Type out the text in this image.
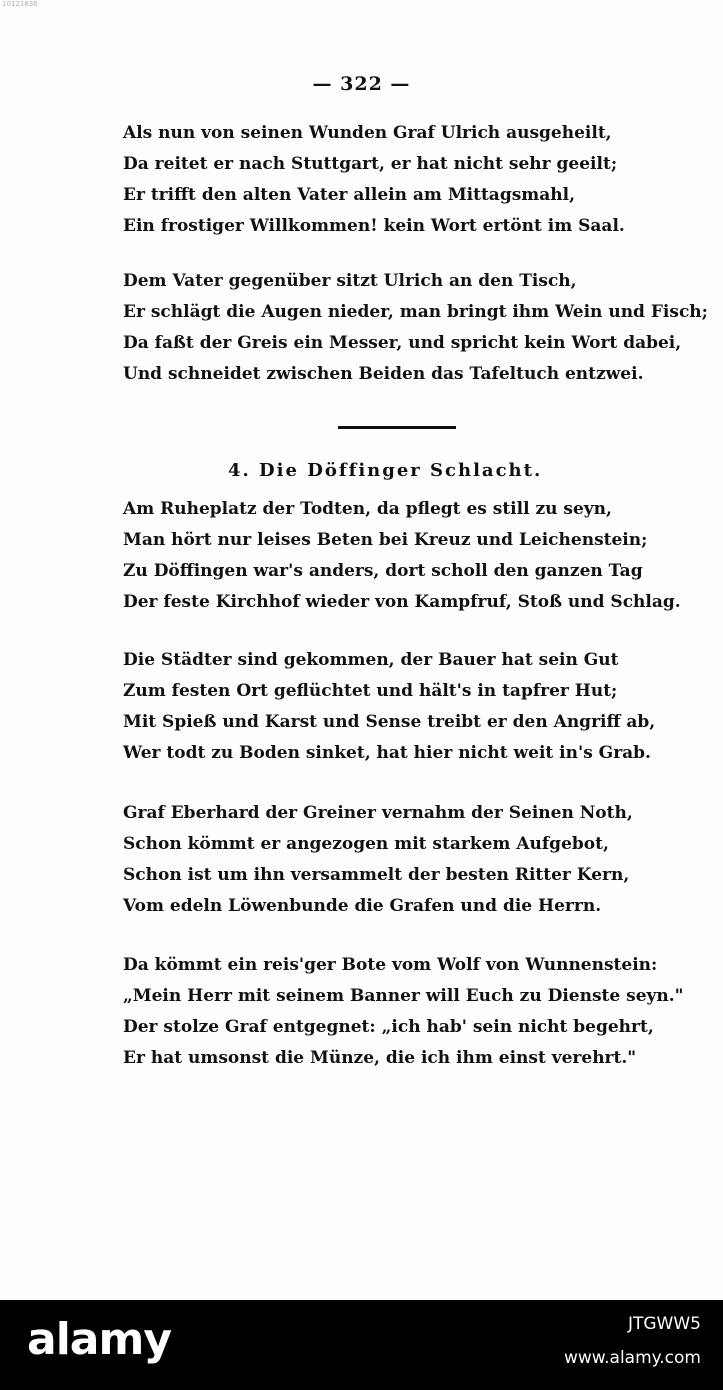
10121636
— 322 —
Als nun von seinen Wunden Graf Ulrich ausgeheilt,
Da reitet er nach Stuttgart, er hat nicht sehr geeilt;
Er trifft den alten Vater allein am Mittagsmahl,
Ein frostiger Willkommen! kein Wort ertönt im Saal.
Dem Vater gegenüber sitzt Ulrich an den Tisch,
Er schlägt die Augen nieder, man bringt ihm Wein und Fisch;
Da faßt der Greis ein Messer, und spricht kein Wort dabei,
Und schneidet zwischen Beiden das Tafeltuch entzwei.
4. Die Döffinger Schlacht.
Am Ruheplatz der Todten, da pflegt es still zu seyn,
Man hört nur leises Beten bei Kreuz und Leichenstein;
Zu Döffingen war's anders, dort scholl den ganzen Tag
Der feste Kirchhof wieder von Kampfruf, Stoß und Schlag.
Die Städter sind gekommen, der Bauer hat sein Gut
Zum festen Ort geflüchtet und hält's in tapfrer Hut;
Mit Spieß und Karst und Sense treibt er den Angriff ab,
Wer todt zu Boden sinket, hat hier nicht weit in's Grab.
Graf Eberhard der Greiner vernahm der Seinen Noth,
Schon kömmt er angezogen mit starkem Aufgebot,
Schon ist um ihn versammelt der besten Ritter Kern,
Vom edeln Löwenbunde die Grafen und die Herrn.
Da kömmt ein reis'ger Bote vom Wolf von Wunnenstein:
„Mein Herr mit seinem Banner will Euch zu Dienste seyn."
Der stolze Graf entgegnet: „ich hab' sein nicht begehrt,
Er hat umsonst die Münze, die ich ihm einst verehrt."
alamy	JTGWW5
www.alamy.com
